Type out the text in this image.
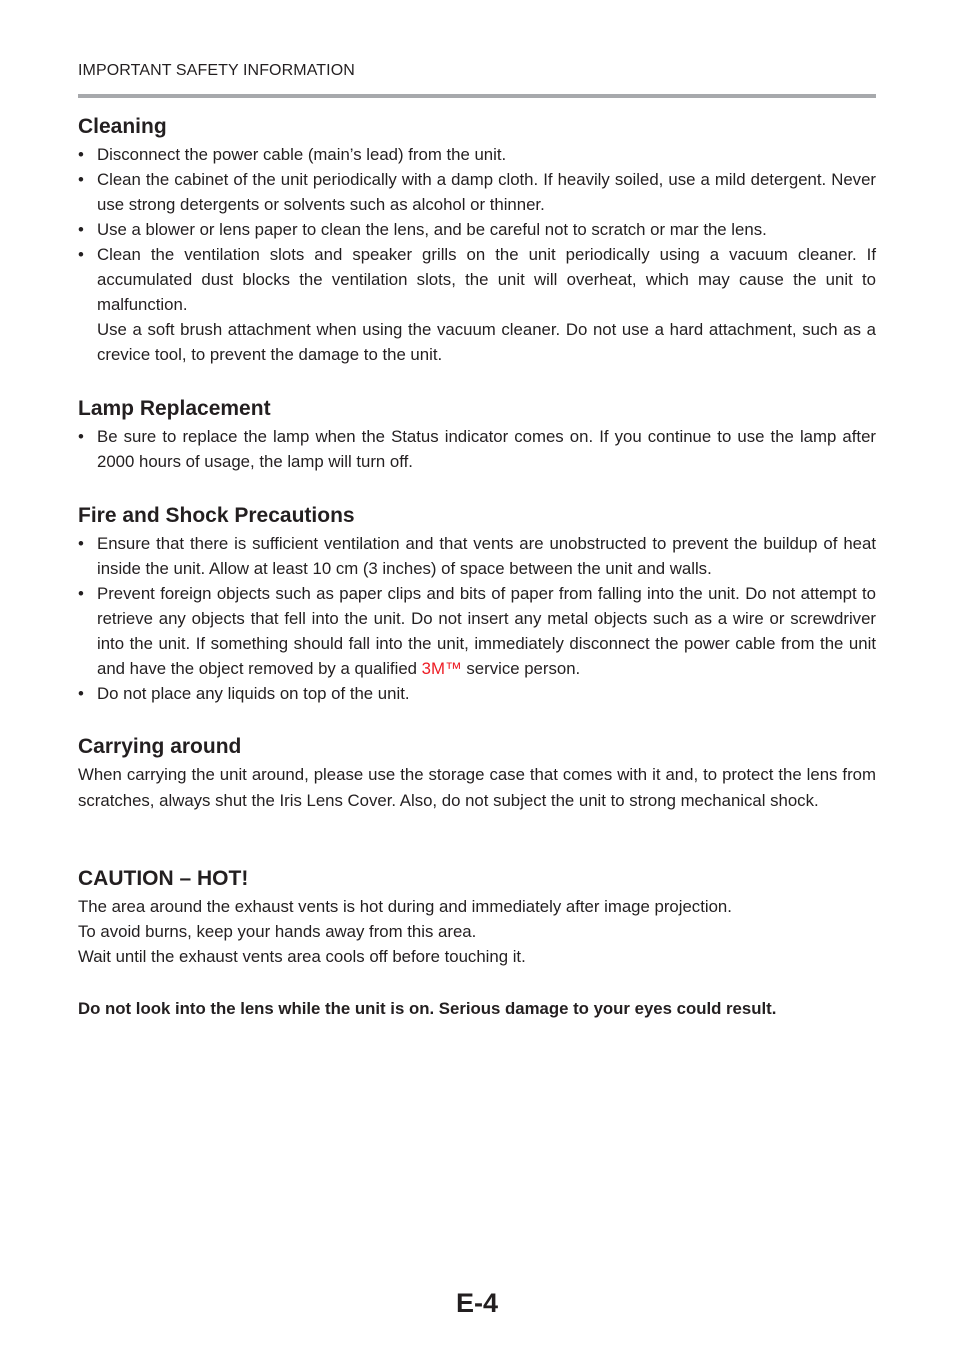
IMPORTANT SAFETY INFORMATION
Cleaning
• Disconnect the power cable (main’s lead) from the unit.
• Clean the cabinet of the unit periodically with a damp cloth. If heavily soiled, use a mild detergent. Never use strong detergents or solvents such as alcohol or thinner.
• Use a blower or lens paper to clean the lens, and be careful not to scratch or mar the lens.
• Clean the ventilation slots and speaker grills on the unit periodically using a vacuum cleaner. If accumulated dust blocks the ventilation slots, the unit will overheat, which may cause the unit to malfunction.

Use a soft brush attachment when using the vacuum cleaner. Do not use a hard attachment, such as a crevice tool, to prevent the damage to the unit.

Lamp Replacement
• Be sure to replace the lamp when the Status indicator comes on. If you continue to use the lamp after 2000 hours of usage, the lamp will turn off.
Fire and Shock Precautions
• Ensure that there is sufficient ventilation and that vents are unobstructed to prevent the buildup of heat inside the unit. Allow at least 10 cm (3 inches) of space between the unit and walls.
• Prevent foreign objects such as paper clips and bits of paper from falling into the unit. Do not attempt to retrieve any objects that fell into the unit. Do not insert any metal objects such as a wire or screwdriver into the unit. If something should fall into the unit, immediately disconnect the power cable from the unit and have the object removed by a qualified 3M™ service person.
• Do not place any liquids on top of the unit.
Carrying around

When carrying the unit around, please use the storage case that comes with it and, to protect the lens from scratches, always shut the Iris Lens Cover. Also, do not subject the unit to strong mechanical shock.

CAUTION – HOT!

The area around the exhaust vents is hot during and immediately after image projection.

To avoid burns, keep your hands away from this area.

Wait until the exhaust vents area cools off before touching it.

Do not look into the lens while the unit is on. Serious damage to your eyes could result.
E-4
